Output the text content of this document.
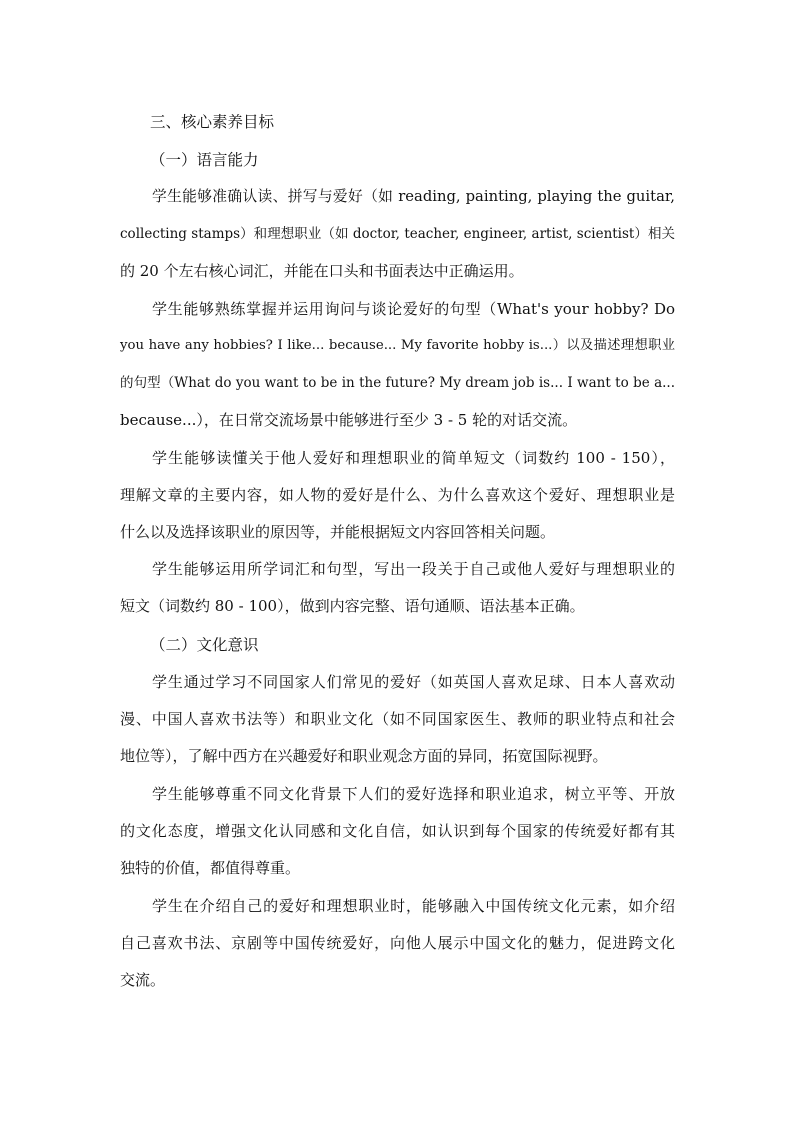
三、核心素养目标
（一）语言能力
学生能够准确认读、拼写与爱好（如 reading, painting, playing the guitar,
collecting stamps）和理想职业（如 doctor, teacher, engineer, artist, scientist）相关
的 20 个左右核心词汇，并能在口头和书面表达中正确运用。
学生能够熟练掌握并运用询问与谈论爱好的句型（What's your hobby? Do
you have any hobbies? I like... because... My favorite hobby is...）以及描述理想职业
的句型（What do you want to be in the future? My dream job is... I want to be a...
because...），在日常交流场景中能够进行至少 3 - 5 轮的对话交流。
学生能够读懂关于他人爱好和理想职业的简单短文（词数约 100 - 150），
理解文章的主要内容，如人物的爱好是什么、为什么喜欢这个爱好、理想职业是
什么以及选择该职业的原因等，并能根据短文内容回答相关问题。
学生能够运用所学词汇和句型，写出一段关于自己或他人爱好与理想职业的
短文（词数约 80 - 100），做到内容完整、语句通顺、语法基本正确。
（二）文化意识
学生通过学习不同国家人们常见的爱好（如英国人喜欢足球、日本人喜欢动
漫、中国人喜欢书法等）和职业文化（如不同国家医生、教师的职业特点和社会
地位等），了解中西方在兴趣爱好和职业观念方面的异同，拓宽国际视野。
学生能够尊重不同文化背景下人们的爱好选择和职业追求，树立平等、开放
的文化态度，增强文化认同感和文化自信，如认识到每个国家的传统爱好都有其
独特的价值，都值得尊重。
学生在介绍自己的爱好和理想职业时，能够融入中国传统文化元素，如介绍
自己喜欢书法、京剧等中国传统爱好，向他人展示中国文化的魅力，促进跨文化
交流。
